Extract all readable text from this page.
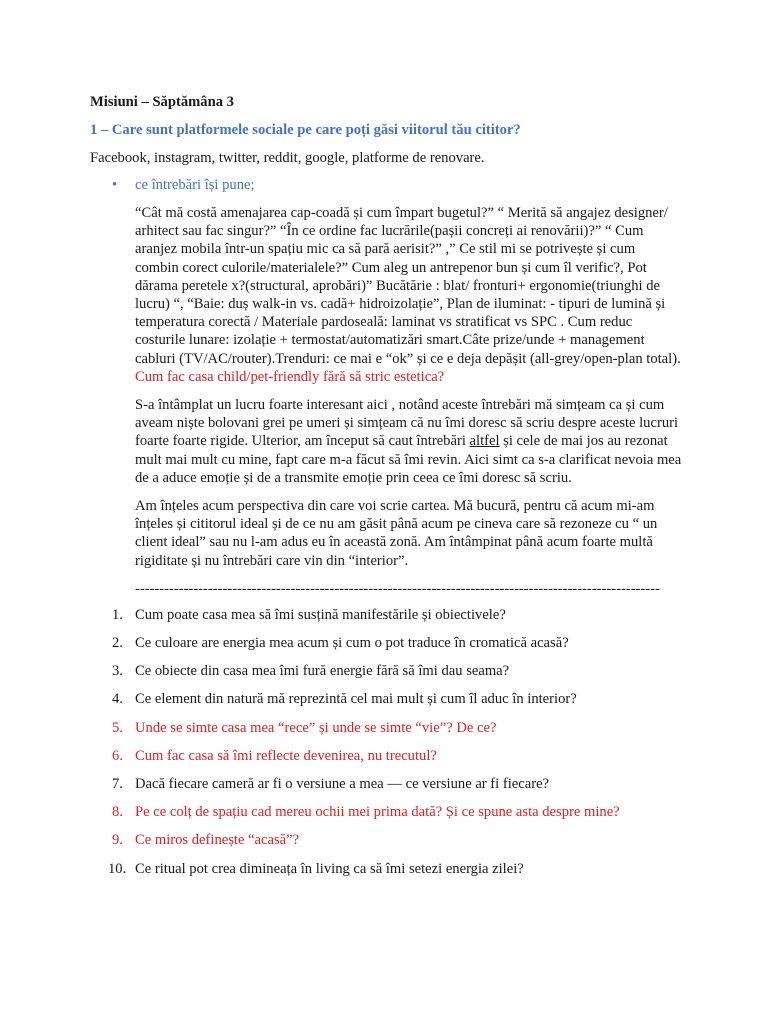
Misiuni – Săptămâna 3

1 – Care sunt platformele sociale pe care poți găsi viitorul tău cititor?

Facebook, instagram, twitter, reddit, google, platforme de renovare.

• ce întrebări își pune;
“Cât mă costă amenajarea cap-coadă și cum împart bugetul?” “ Merită să angajez designer/ arhitect sau fac singur?” “În ce ordine fac lucrările(pașii concreți ai renovării)?” “ Cum aranjez mobila într-un spațiu mic ca să pară aerisit?” ,” Ce stil mi se potrivește și cum combin corect culorile/materialele?” Cum aleg un antrepenor bun și cum îl verific?, Pot dărama peretele x?(structural, aprobări)” Bucătărie : blat/ fronturi+ ergonomie(triunghi de lucru) “, “Baie: duș walk-in vs. cadă+ hidroizolație”, Plan de iluminat: - tipuri de lumină și temperatura corectă / Materiale pardoseală: laminat vs stratificat vs SPC . Cum reduc costurile lunare: izolație + termostat/automatizări smart.Câte prize/unde + management cabluri (TV/AC/router).Trenduri: ce mai e “ok” și ce e deja depășit (all-grey/open-plan total). Cum fac casa child/pet-friendly fără să stric estetica?
S-a întâmplat un lucru foarte interesant aici , notând aceste întrebări mă simțeam ca și cum aveam niște bolovani grei pe umeri și simțeam că nu îmi doresc să scriu despre aceste lucruri foarte foarte rigide. Ulterior, am început să caut întrebări altfel și cele de mai jos au rezonat mult mai mult cu mine, fapt care m-a făcut să îmi revin. Aici simt ca s-a clarificat nevoia mea de a aduce emoție și de a transmite emoție prin ceea ce îmi doresc să scriu.
Am înțeles acum perspectiva din care voi scrie cartea. Mă bucură, pentru că acum mi-am înțeles și cititorul ideal și de ce nu am găsit până acum pe cineva care să rezoneze cu “ un client ideal” sau nu l-am adus eu în această zonă. Am întâmpinat până acum foarte multă rigiditate și nu întrebări care vin din “interior”.
------------------------------------------------------------------------------------------------------------
1. Cum poate casa mea să îmi susțină manifestările și obiectivele?
2. Ce culoare are energia mea acum și cum o pot traduce în cromatică acasă?
3. Ce obiecte din casa mea îmi fură energie fără să îmi dau seama?
4. Ce element din natură mă reprezintă cel mai mult și cum îl aduc în interior?
5. Unde se simte casa mea “rece” și unde se simte “vie”? De ce?
6. Cum fac casa să îmi reflecte devenirea, nu trecutul?
7. Dacă fiecare cameră ar fi o versiune a mea — ce versiune ar fi fiecare?
8. Pe ce colț de spațiu cad mereu ochii mei prima dată? Și ce spune asta despre mine?
9. Ce miros definește “acasă”?
10. Ce ritual pot crea dimineața în living ca să îmi setezi energia zilei?
